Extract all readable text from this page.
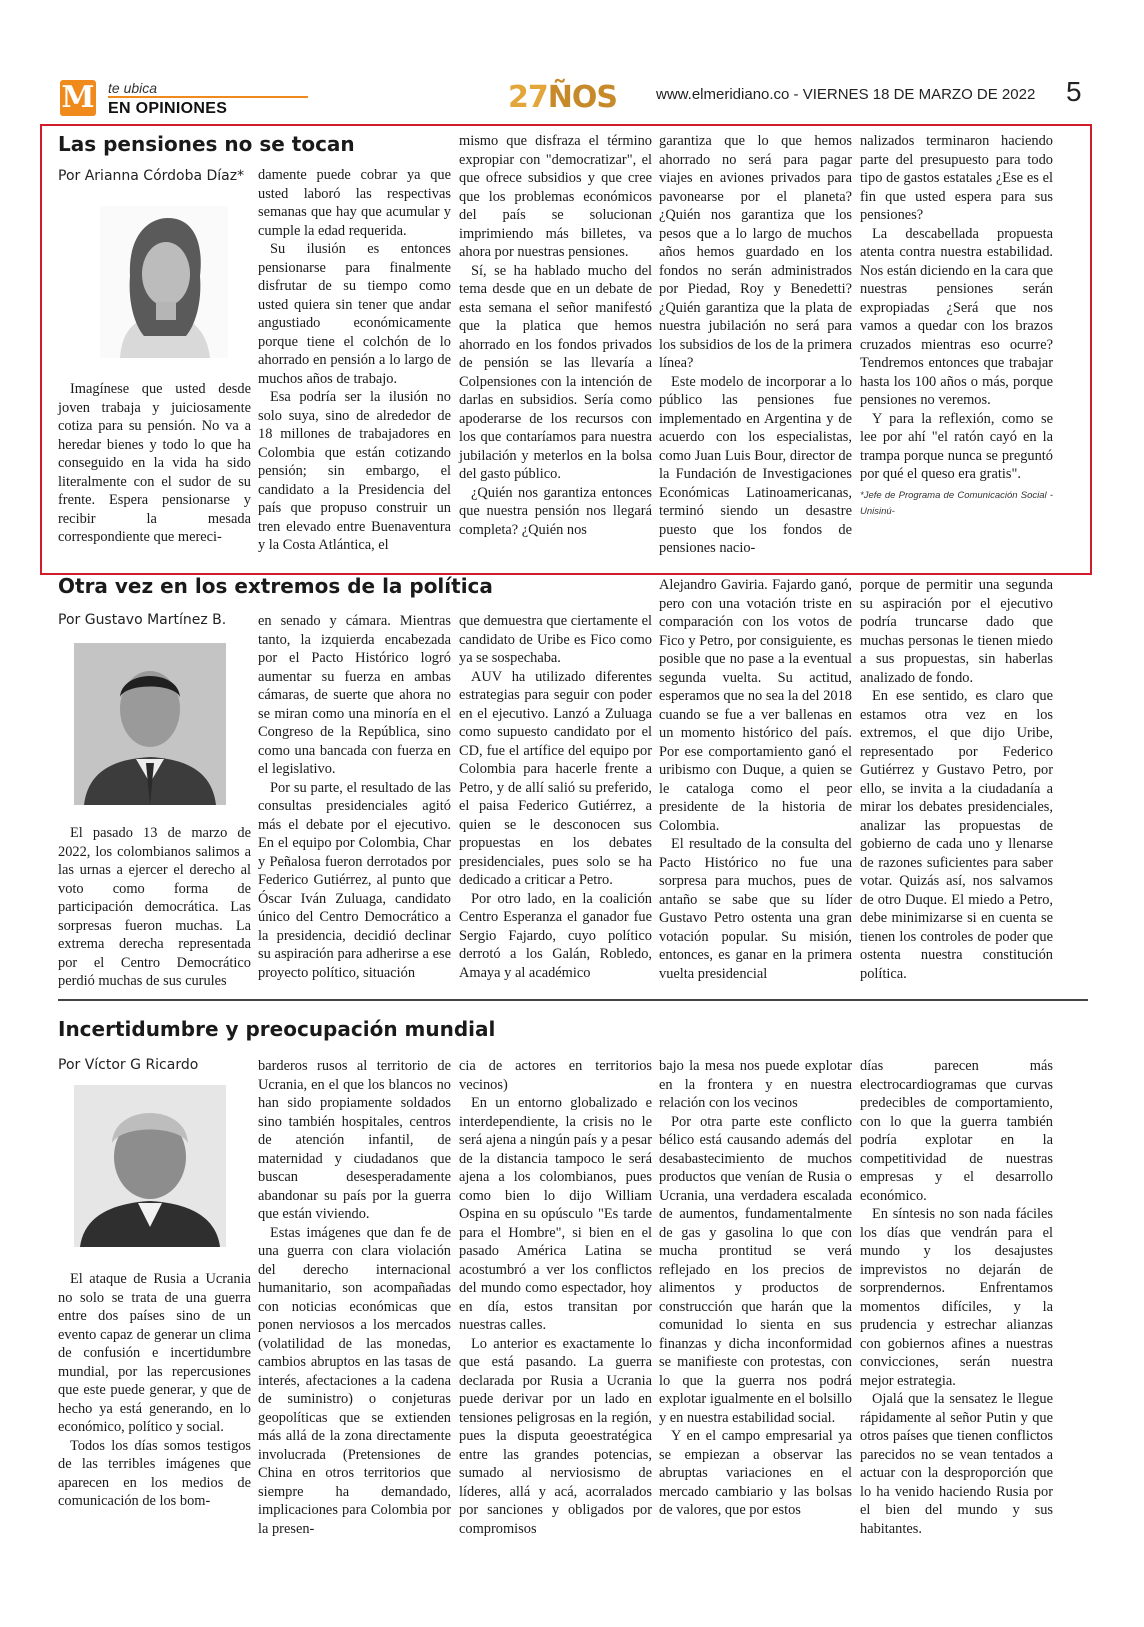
M te ubica
EN OPINIONES	27ÑOS	www.elmeridiano.co - VIERNES 18 DE MARZO DE 2022 5
Las pensiones no se tocan
Por Arianna Córdoba Díaz*

Imagínese que usted desde joven trabaja y juiciosamente cotiza para su pensión. No va a heredar bienes y todo lo que ha conseguido en la vida ha sido literalmente con el sudor de su frente. Espera pensionarse y recibir la mesada correspondiente que mereci-

damente puede cobrar ya que usted laboró las respectivas semanas que hay que acumular y cumple la edad requerida.

Su ilusión es entonces pensionarse para finalmente disfrutar de su tiempo como usted quiera sin tener que andar angustiado económicamente porque tiene el colchón de lo ahorrado en pensión a lo largo de muchos años de trabajo.

Esa podría ser la ilusión no solo suya, sino de alrededor de 18 millones de trabajadores en Colombia que están cotizando pensión; sin embargo, el candidato a la Presidencia del país que propuso construir un tren elevado entre Buenaventura y la Costa Atlántica, el

mismo que disfraza el término expropiar con "democratizar", el que ofrece subsidios y que cree que los problemas económicos del país se solucionan imprimiendo más billetes, va ahora por nuestras pensiones.

Sí, se ha hablado mucho del tema desde que en un debate de esta semana el señor manifestó que la platica que hemos ahorrado en los fondos privados de pensión se las llevaría a Colpensiones con la intención de darlas en subsidios. Sería como apoderarse de los recursos con los que contaríamos para nuestra jubilación y meterlos en la bolsa del gasto público.

¿Quién nos garantiza entonces que nuestra pensión nos llegará completa? ¿Quién nos

garantiza que lo que hemos ahorrado no será para pagar viajes en aviones privados para pavonearse por el planeta? ¿Quién nos garantiza que los pesos que a lo largo de muchos años hemos guardado en los fondos no serán administrados por Piedad, Roy y Benedetti? ¿Quién garantiza que la plata de nuestra jubilación no será para los subsidios de los de la primera línea?

Este modelo de incorporar a lo público las pensiones fue implementado en Argentina y de acuerdo con los especialistas, como Juan Luis Bour, director de la Fundación de Investigaciones Económicas Latinoamericanas, terminó siendo un desastre puesto que los fondos de pensiones nacio-

nalizados terminaron haciendo parte del presupuesto para todo tipo de gastos estatales ¿Ese es el fin que usted espera para sus pensiones?

La descabellada propuesta atenta contra nuestra estabilidad. Nos están diciendo en la cara que nuestras pensiones serán expropiadas ¿Será que nos vamos a quedar con los brazos cruzados mientras eso ocurre? Tendremos entonces que trabajar hasta los 100 años o más, porque pensiones no veremos.

Y para la reflexión, como se lee por ahí "el ratón cayó en la trampa porque nunca se preguntó por qué el queso era gratis".

*Jefe de Programa de Comunicación Social - Unisinú-
Otra vez en los extremos de la política
Por Gustavo Martínez B.

El pasado 13 de marzo de 2022, los colombianos salimos a las urnas a ejercer el derecho al voto como forma de participación democrática. Las sorpresas fueron muchas. La extrema derecha representada por el Centro Democrático perdió muchas de sus curules

en senado y cámara. Mientras tanto, la izquierda encabezada por el Pacto Histórico logró aumentar su fuerza en ambas cámaras, de suerte que ahora no se miran como una minoría en el Congreso de la República, sino como una bancada con fuerza en el legislativo.

Por su parte, el resultado de las consultas presidenciales agitó más el debate por el ejecutivo. En el equipo por Colombia, Char y Peñalosa fueron derrotados por Federico Gutiérrez, al punto que Óscar Iván Zuluaga, candidato único del Centro Democrático a la presidencia, decidió declinar su aspiración para adherirse a ese proyecto político, situación

que demuestra que ciertamente el candidato de Uribe es Fico como ya se sospechaba.

AUV ha utilizado diferentes estrategias para seguir con poder en el ejecutivo. Lanzó a Zuluaga como supuesto candidato por el CD, fue el artífice del equipo por Colombia para hacerle frente a Petro, y de allí salió su preferido, el paisa Federico Gutiérrez, a quien se le desconocen sus propuestas en los debates presidenciales, pues solo se ha dedicado a criticar a Petro.

Por otro lado, en la coalición Centro Esperanza el ganador fue Sergio Fajardo, cuyo político derrotó a los Galán, Robledo, Amaya y al académico

Alejandro Gaviria. Fajardo ganó, pero con una votación triste en comparación con los votos de Fico y Petro, por consiguiente, es posible que no pase a la eventual segunda vuelta. Su actitud, esperamos que no sea la del 2018 cuando se fue a ver ballenas en un momento histórico del país. Por ese comportamiento ganó el uribismo con Duque, a quien se le cataloga como el peor presidente de la historia de Colombia.

El resultado de la consulta del Pacto Histórico no fue una sorpresa para muchos, pues de antaño se sabe que su líder Gustavo Petro ostenta una gran votación popular. Su misión, entonces, es ganar en la primera vuelta presidencial

porque de permitir una segunda su aspiración por el ejecutivo podría truncarse dado que muchas personas le tienen miedo a sus propuestas, sin haberlas analizado de fondo.

En ese sentido, es claro que estamos otra vez en los extremos, el que dijo Uribe, representado por Federico Gutiérrez y Gustavo Petro, por ello, se invita a la ciudadanía a mirar los debates presidenciales, analizar las propuestas de gobierno de cada uno y llenarse de razones suficientes para saber votar. Quizás así, nos salvamos de otro Duque. El miedo a Petro, debe minimizarse si en cuenta se tienen los controles de poder que ostenta nuestra constitución política.

Incertidumbre y preocupación mundial
Por Víctor G Ricardo

El ataque de Rusia a Ucrania no solo se trata de una guerra entre dos países sino de un evento capaz de generar un clima de confusión e incertidumbre mundial, por las repercusiones que este puede generar, y que de hecho ya está generando, en lo económico, político y social.

Todos los días somos testigos de las terribles imágenes que aparecen en los medios de comunicación de los bom-

barderos rusos al territorio de Ucrania, en el que los blancos no han sido propiamente soldados sino también hospitales, centros de atención infantil, de maternidad y ciudadanos que buscan desesperadamente abandonar su país por la guerra que están viviendo.

Estas imágenes que dan fe de una guerra con clara violación del derecho internacional humanitario, son acompañadas con noticias económicas que ponen nerviosos a los mercados (volatilidad de las monedas, cambios abruptos en las tasas de interés, afectaciones a la cadena de suministro) o conjeturas geopolíticas que se extienden más allá de la zona directamente involucrada (Pretensiones de China en otros territorios que siempre ha demandado, implicaciones para Colombia por la presen-

cia de actores en territorios vecinos)

En un entorno globalizado e interdependiente, la crisis no le será ajena a ningún país y a pesar de la distancia tampoco le será ajena a los colombianos, pues como bien lo dijo William Ospina en su opúsculo "Es tarde para el Hombre", si bien en el pasado América Latina se acostumbró a ver los conflictos del mundo como espectador, hoy en día, estos transitan por nuestras calles.

Lo anterior es exactamente lo que está pasando. La guerra declarada por Rusia a Ucrania puede derivar por un lado en tensiones peligrosas en la región, pues la disputa geoestratégica entre las grandes potencias, sumado al nerviosismo de líderes, allá y acá, acorralados por sanciones y obligados por compromisos

bajo la mesa nos puede explotar en la frontera y en nuestra relación con los vecinos

Por otra parte este conflicto bélico está causando además del desabastecimiento de muchos productos que venían de Rusia o Ucrania, una verdadera escalada de aumentos, fundamentalmente de gas y gasolina lo que con mucha prontitud se verá reflejado en los precios de alimentos y productos de construcción que harán que la comunidad lo sienta en sus finanzas y dicha inconformidad se manifieste con protestas, con lo que la guerra nos podrá explotar igualmente en el bolsillo y en nuestra estabilidad social.

Y en el campo empresarial ya se empiezan a observar las abruptas variaciones en el mercado cambiario y las bolsas de valores, que por estos

días parecen más electrocardiogramas que curvas predecibles de comportamiento, con lo que la guerra también podría explotar en la competitividad de nuestras empresas y el desarrollo económico.

En síntesis no son nada fáciles los días que vendrán para el mundo y los desajustes imprevistos no dejarán de sorprendernos. Enfrentamos momentos difíciles, y la prudencia y estrechar alianzas con gobiernos afines a nuestras convicciones, serán nuestra mejor estrategia.

Ojalá que la sensatez le llegue rápidamente al señor Putin y que otros países que tienen conflictos parecidos no se vean tentados a actuar con la desproporción que lo ha venido haciendo Rusia por el bien del mundo y sus habitantes.
